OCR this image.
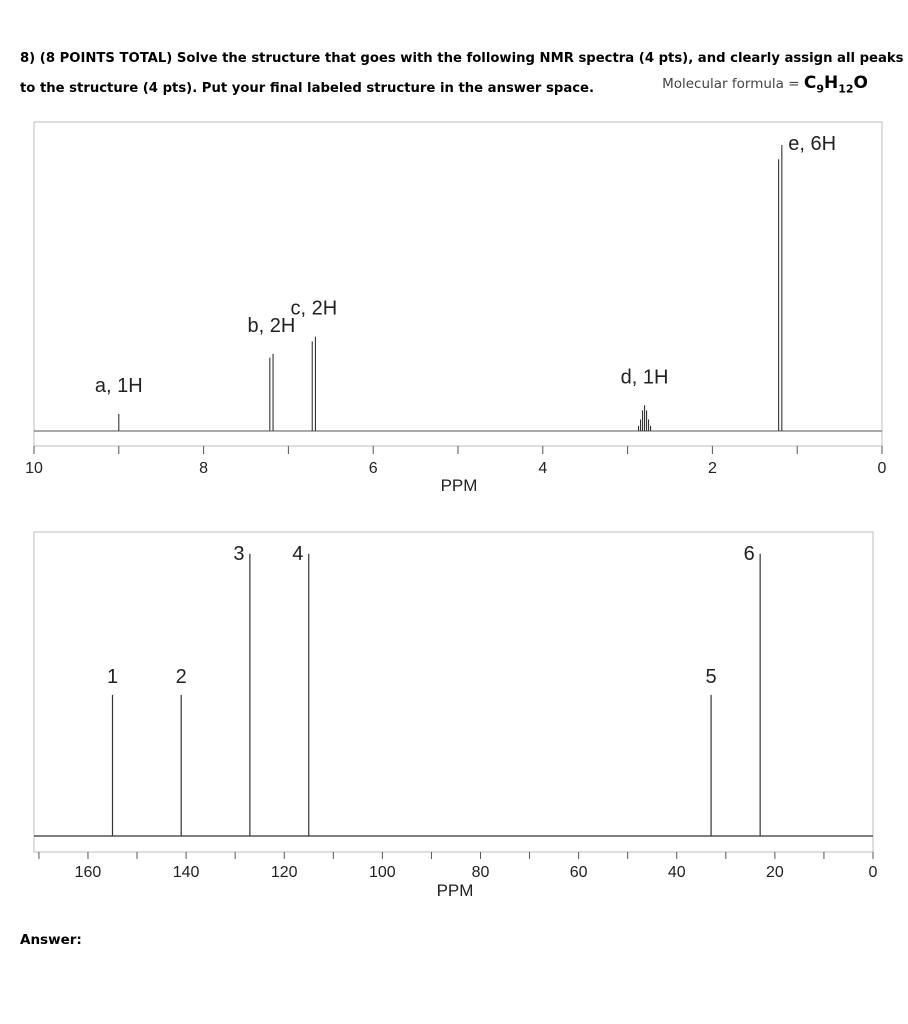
8) (8 POINTS TOTAL) Solve the structure that goes with the following NMR spectra (4 pts), and clearly assign all peaks
to the structure (4 pts). Put your final labeled structure in the answer space.	Molecular formula = $C_9H_{12}O$
10	8	6	4	2	0
PPM
a, 1H
b, 2H
c, 2H
d, 1H
e, 6H
160	140	120	100	80	60	40	20	0
PPM
1	2
3 4
5
6
Answer:
